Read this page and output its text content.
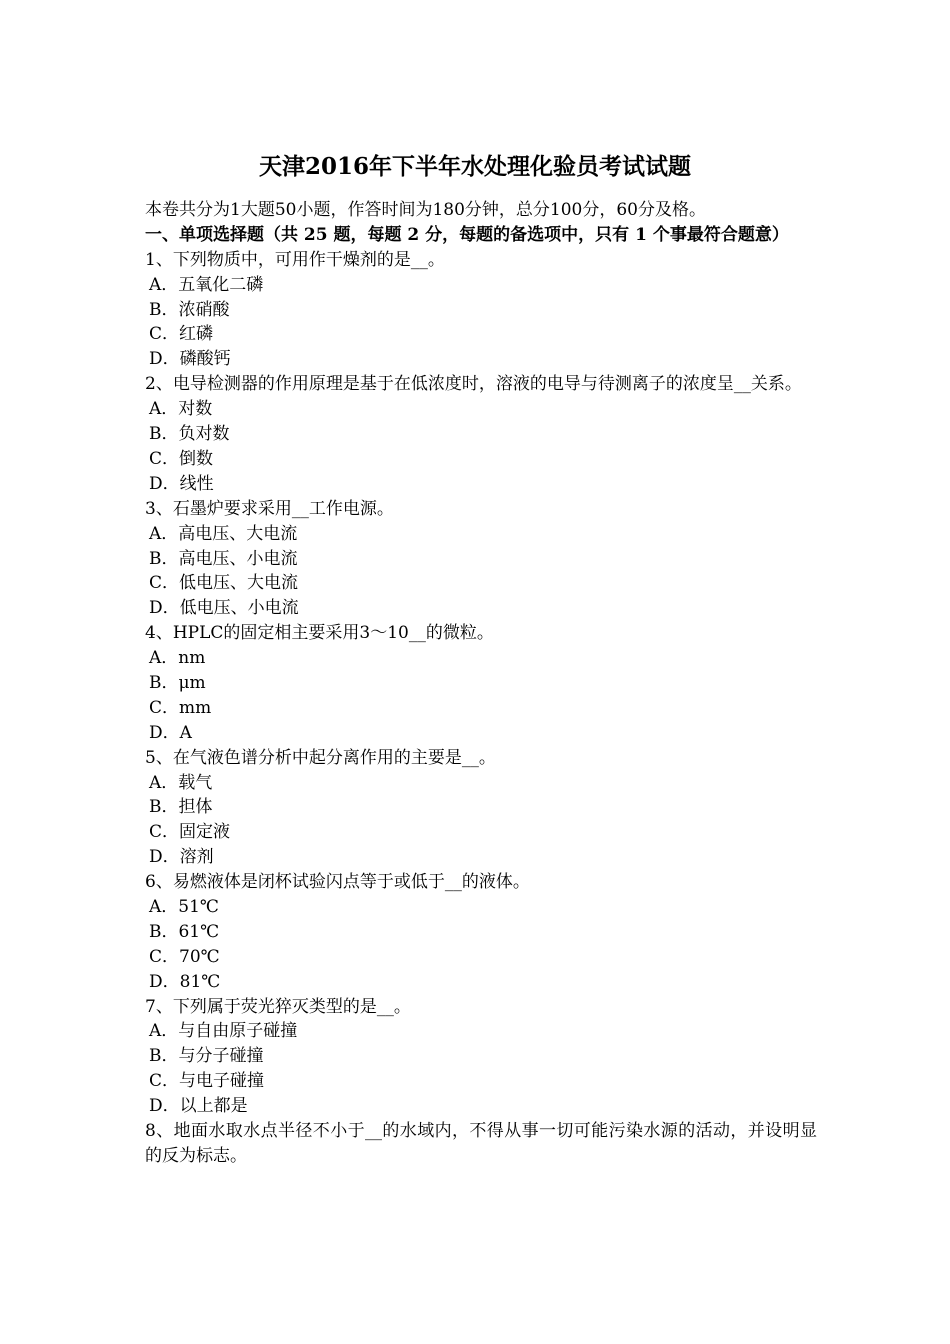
天津2016年下半年水处理化验员考试试题
本卷共分为1大题50小题，作答时间为180分钟，总分100分，60分及格。
一、单项选择题（共 25 题，每题 2 分，每题的备选项中，只有 1 个事最符合题意）
1、下列物质中，可用作干燥剂的是__。
A．五氧化二磷
B．浓硝酸
C．红磷
D．磷酸钙
2、电导检测器的作用原理是基于在低浓度时，溶液的电导与待测离子的浓度呈__关系。
A．对数
B．负对数
C．倒数
D．线性
3、石墨炉要求采用__工作电源。
A．高电压、大电流
B．高电压、小电流
C．低电压、大电流
D．低电压、小电流
4、HPLC的固定相主要采用3～10__的微粒。
A．nm
B．μm
C．mm
D．A
5、在气液色谱分析中起分离作用的主要是__。
A．载气
B．担体
C．固定液
D．溶剂
6、易燃液体是闭杯试验闪点等于或低于__的液体。
A．51℃
B．61℃
C．70℃
D．81℃
7、下列属于荧光猝灭类型的是__。
A．与自由原子碰撞
B．与分子碰撞
C．与电子碰撞
D．以上都是
8、地面水取水点半径不小于__的水域内，不得从事一切可能污染水源的活动，并设明显的反为标志。
